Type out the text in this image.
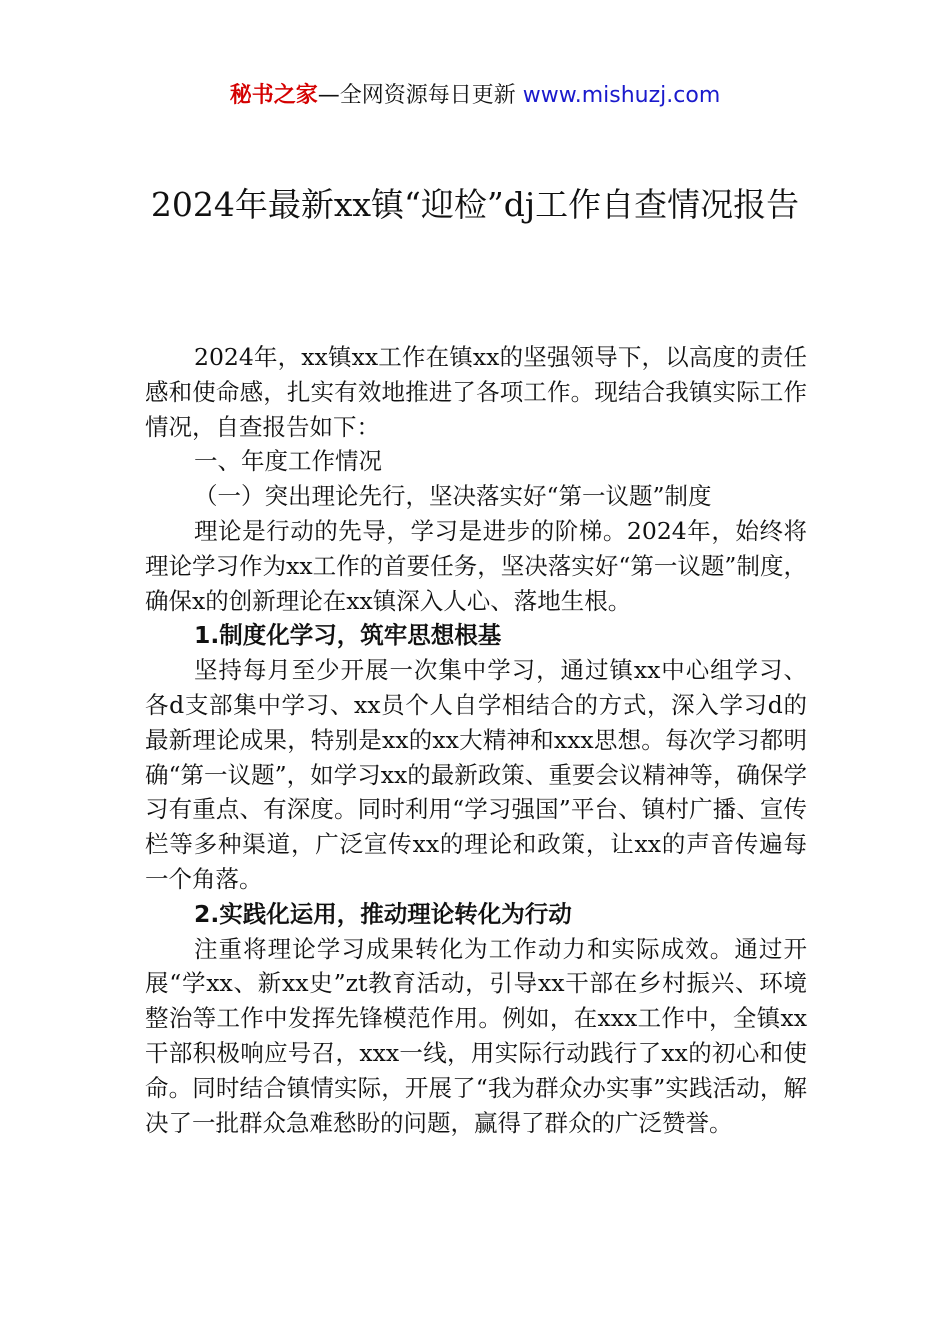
秘书之家—全网资源每日更新 www.mishuzj.com
2024年最新xx镇“迎检”dj工作自查情况报告

2024年，xx镇xx工作在镇xx的坚强领导下，以高度的责任感和使命感，扎实有效地推进了各项工作。现结合我镇实际工作情况，自查报告如下：

一、年度工作情况

（一）突出理论先行，坚决落实好“第一议题”制度

理论是行动的先导，学习是进步的阶梯。2024年，始终将理论学习作为xx工作的首要任务，坚决落实好“第一议题”制度，确保x的创新理论在xx镇深入人心、落地生根。

1.制度化学习，筑牢思想根基

坚持每月至少开展一次集中学习，通过镇xx中心组学习、各d支部集中学习、xx员个人自学相结合的方式，深入学习d的最新理论成果，特别是xx的xx大精神和xxx思想。每次学习都明确“第一议题”，如学习xx的最新政策、重要会议精神等，确保学习有重点、有深度。同时利用“学习强国”平台、镇村广播、宣传栏等多种渠道，广泛宣传xx的理论和政策，让xx的声音传遍每一个角落。

2.实践化运用，推动理论转化为行动

注重将理论学习成果转化为工作动力和实际成效。通过开展“学xx、新xx史”zt教育活动，引导xx干部在乡村振兴、环境整治等工作中发挥先锋模范作用。例如，在xxx工作中，全镇xx干部积极响应号召，xxx一线，用实际行动践行了xx的初心和使命。同时结合镇情实际，开展了“我为群众办实事”实践活动，解决了一批群众急难愁盼的问题，赢得了群众的广泛赞誉。
